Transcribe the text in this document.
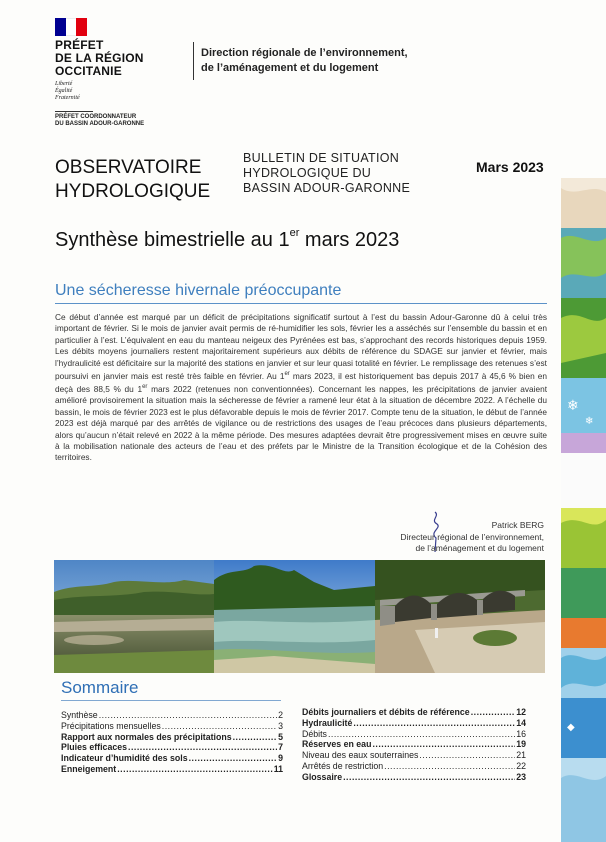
PRÉFET
DE LA RÉGION
OCCITANIE
Liberté
Égalité
Fraternité
PRÉFET COORDONNATEUR
DU BASSIN ADOUR-GARONNE
Direction régionale de l’environnement,
de l’aménagement et du logement
OBSERVATOIRE
HYDROLOGIQUE
BULLETIN DE SITUATION
HYDROLOGIQUE DU
BASSIN ADOUR-GARONNE
Mars 2023
Synthèse bimestrielle au 1er mars 2023
Une sécheresse hivernale préoccupante
Ce début d’année est marqué par un déficit de précipitations significatif surtout à l’est du bassin Adour-Garonne dû à celui très important de février. Si le mois de janvier avait permis de ré-humidifier les sols, février les a asséchés sur l’ensemble du bassin et en particulier à l’est. L’équivalent en eau du manteau neigeux des Pyrénées est bas, s’approchant des records historiques depuis 1959. Les débits moyens journaliers restent majoritairement supérieurs aux débits de référence du SDAGE sur janvier et février, mais l’hydraulicité est déficitaire sur la majorité des stations en janvier et sur leur quasi totalité en février. Le remplissage des retenues s’est poursuivi en janvier mais est resté très faible en février. Au 1er mars 2023, il est historiquement bas depuis 2017 à 45,6 % bien en deçà des 88,5 % du 1er mars 2022 (retenues non conventionnées). Concernant les nappes, les précipitations de janvier avaient amélioré provisoirement la situation mais la sécheresse de février a ramené leur état à la situation de décembre 2022. A l’échelle du bassin, le mois de février 2023 est le plus défavorable depuis le mois de février 2017. Compte tenu de la situation, le début de l’année 2023 est déjà marqué par des arrêtés de vigilance ou de restrictions des usages de l’eau précoces dans plusieurs départements, alors qu’aucun n’était relevé en 2022 à la même période. Des mesures adaptées devrait être progressivement mises en œuvre suite à la mobilisation nationale des acteurs de l’eau et des préfets par le Ministre de la Transition écologique et de la Cohésion des territoires.
Patrick BERG
Directeur régional de l’environnement,
de l’aménagement et du logement
Sommaire
Synthèse .....	2
Précipitations mensuelles .....	3
Rapport aux normales des précipitations .....	5
Pluies efficaces .....	7
Indicateur d’humidité des sols .....	9
Enneigement .....	11
Débits journaliers et débits de référence .....	12
Hydraulicité .....	14
Débits .....	16
Réserves en eau .....	19
Niveau des eaux souterraines .....	21
Arrêtés de restriction .....	22
Glossaire .....	23
❄
❄
◆
